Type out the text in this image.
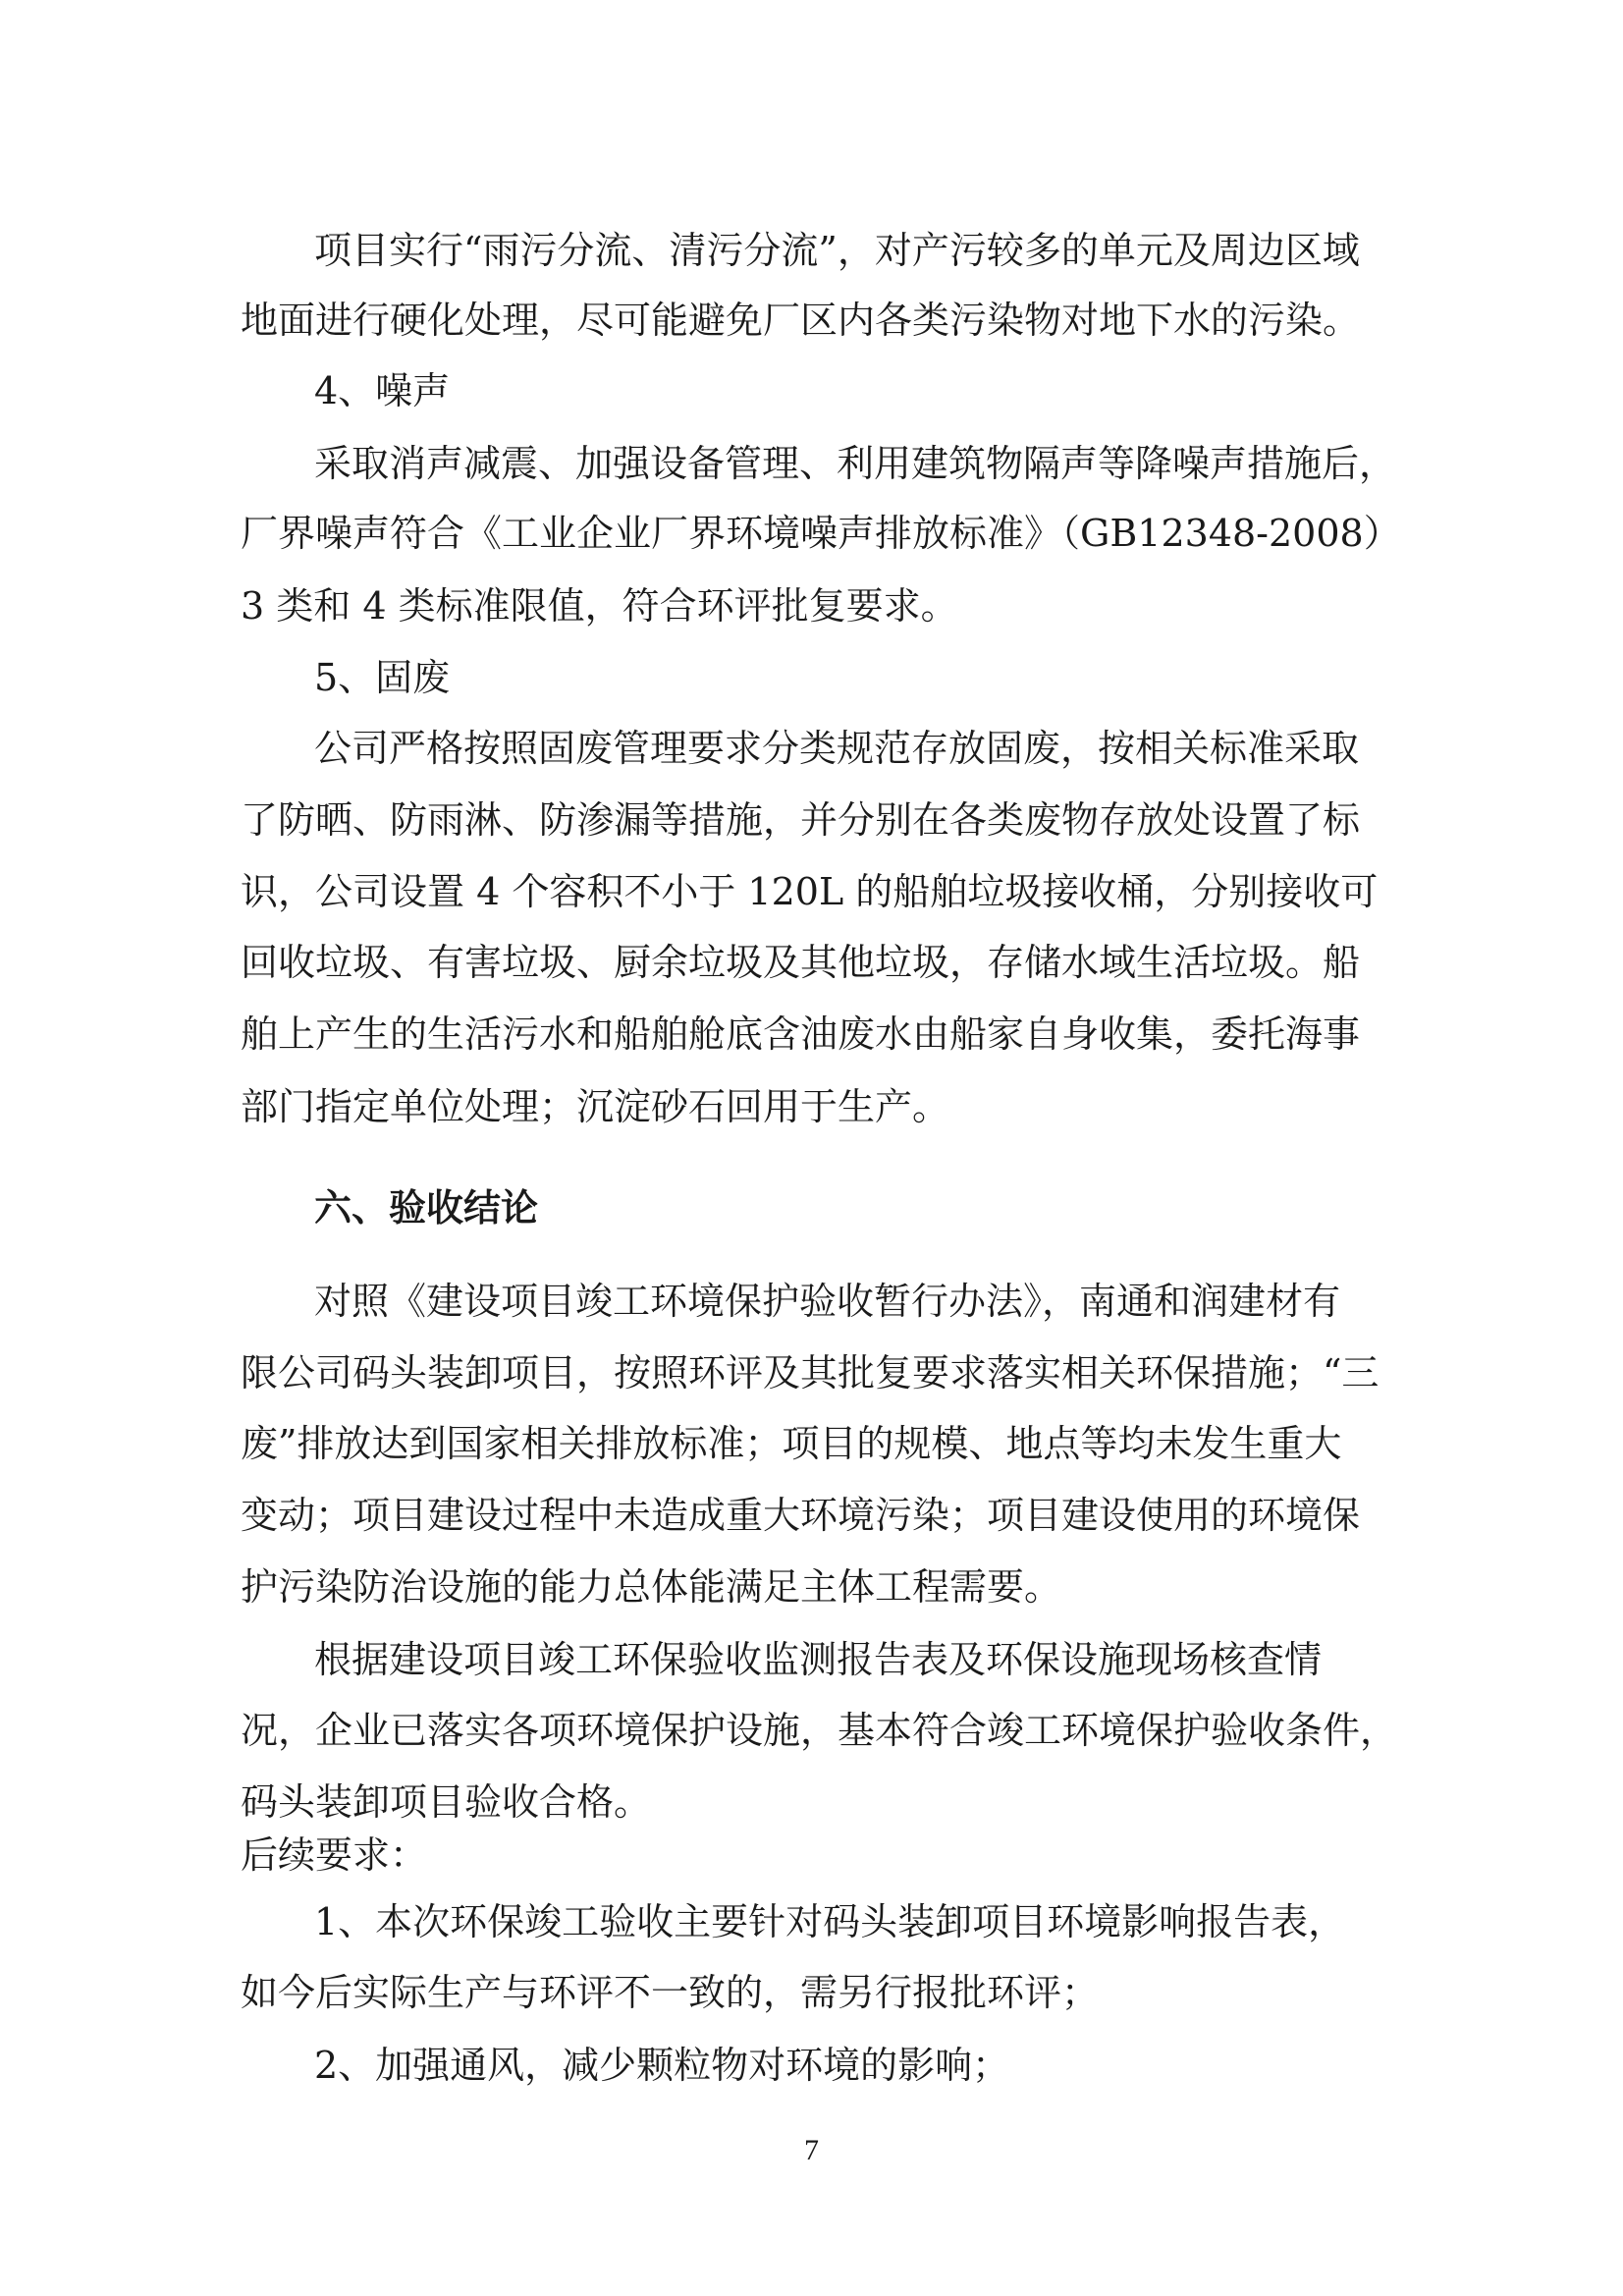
项目实行“雨污分流、清污分流”，对产污较多的单元及周边区域
地面进行硬化处理，尽可能避免厂区内各类污染物对地下水的污染。
4、噪声
采取消声减震、加强设备管理、利用建筑物隔声等降噪声措施后，
厂界噪声符合《工业企业厂界环境噪声排放标准》（GB12348-2008）
3 类和 4 类标准限值，符合环评批复要求。
5、固废
公司严格按照固废管理要求分类规范存放固废，按相关标准采取
了防晒、防雨淋、防渗漏等措施，并分别在各类废物存放处设置了标
识，公司设置 4 个容积不小于 120L 的船舶垃圾接收桶，分别接收可
回收垃圾、有害垃圾、厨余垃圾及其他垃圾，存储水域生活垃圾。船
舶上产生的生活污水和船舶舱底含油废水由船家自身收集，委托海事
部门指定单位处理；沉淀砂石回用于生产。
六、验收结论
对照《建设项目竣工环境保护验收暂行办法》，南通和润建材有
限公司码头装卸项目，按照环评及其批复要求落实相关环保措施；“三
废”排放达到国家相关排放标准；项目的规模、地点等均未发生重大
变动；项目建设过程中未造成重大环境污染；项目建设使用的环境保
护污染防治设施的能力总体能满足主体工程需要。
根据建设项目竣工环保验收监测报告表及环保设施现场核查情
况，企业已落实各项环境保护设施，基本符合竣工环境保护验收条件，
码头装卸项目验收合格。
后续要求：
1、本次环保竣工验收主要针对码头装卸项目环境影响报告表，
如今后实际生产与环评不一致的，需另行报批环评；
2、加强通风，减少颗粒物对环境的影响；
7
